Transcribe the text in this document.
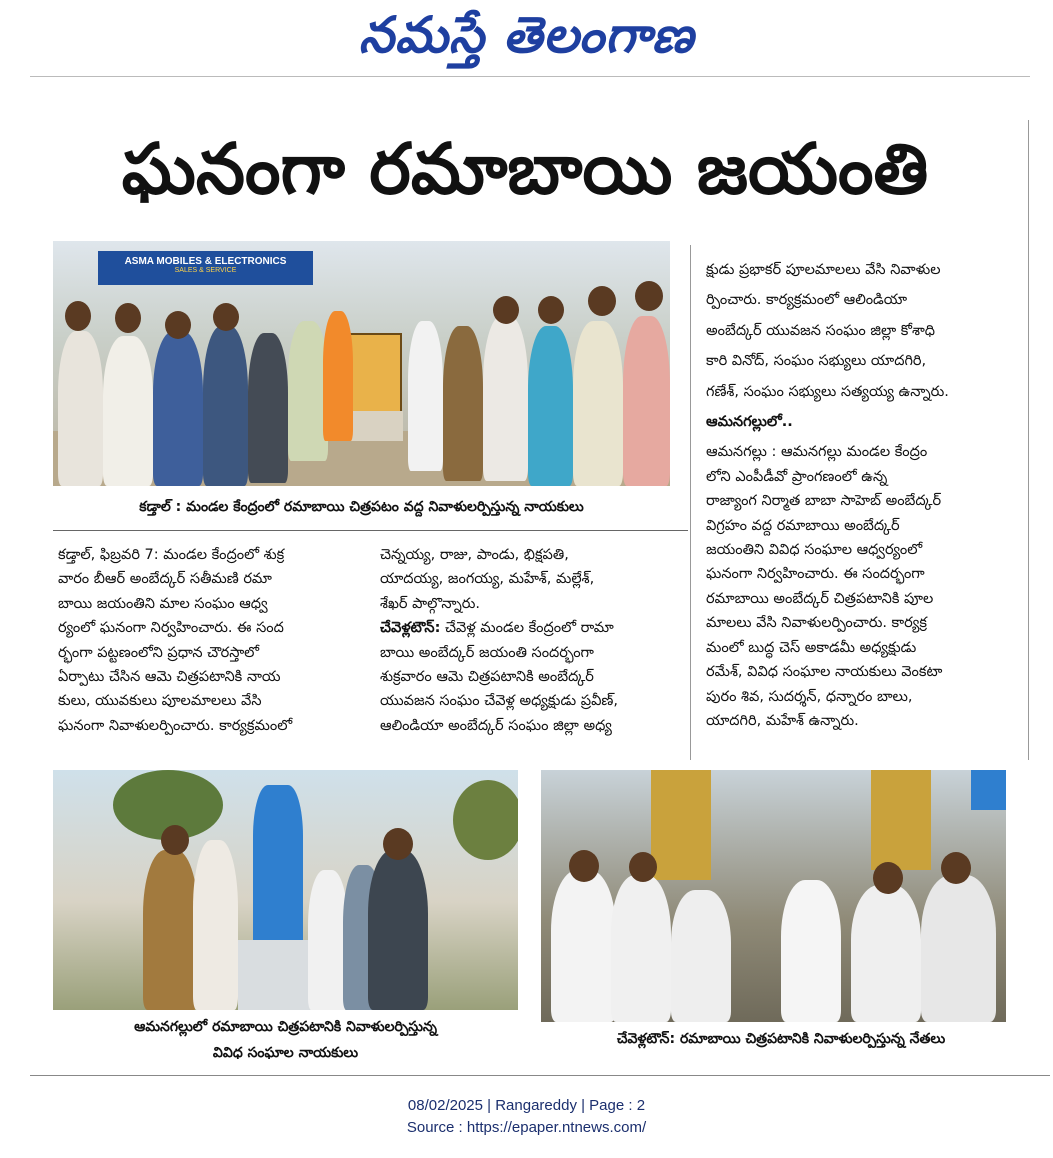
నమస్తే తెలంగాణ
ఘనంగా రమాబాయి జయంతి
ASMA MOBILES & ELECTRONICS
SALES & SERVICE
కడ్తాల్ : మండల కేంద్రంలో రమాబాయి చిత్రపటం వద్ద నివాళులర్పిస్తున్న నాయకులు

క్షుడు ప్రభాకర్ పూలమాలలు వేసి నివాళుల

ర్పించారు. కార్యక్రమంలో ఆలిండియా

అంబేద్కర్ యువజన సంఘం జిల్లా కోశాధి

కారి వినోద్, సంఘం సభ్యులు యాదగిరి,

గణేశ్, సంఘం సభ్యులు సత్యయ్య ఉన్నారు.

ఆమనగల్లులో..

ఆమనగల్లు : ఆమనగల్లు మండల కేంద్రం

లోని ఎంపీడీవో ప్రాంగణంలో ఉన్న

రాజ్యాంగ నిర్మాత బాబా సాహెబ్ అంబేద్కర్

విగ్రహం వద్ద రమాబాయి అంబేద్కర్

జయంతిని వివిధ సంఘాల ఆధ్వర్యంలో

ఘనంగా నిర్వహించారు. ఈ సందర్భంగా

రమాబాయి అంబేద్కర్ చిత్రపటానికి పూల

మాలలు వేసి నివాళులర్పించారు. కార్యక్ర

మంలో బుద్ధ చెస్ అకాడమీ అధ్యక్షుడు

రమేశ్, వివిధ సంఘాల నాయకులు వెంకటా

పురం శివ, సుదర్శన్, ధన్నారం బాలు,

యాదగిరి, మహేశ్ ఉన్నారు.

కడ్తాల్, ఫిబ్రవరి 7: మండల కేంద్రంలో శుక్ర

వారం బీఆర్ అంబేద్కర్ సతీమణి రమా

బాయి జయంతిని మాల సంఘం ఆధ్వ

ర్యంలో ఘనంగా నిర్వహించారు. ఈ సంద

ర్భంగా పట్టణంలోని ప్రధాన చౌరస్తాలో

ఏర్పాటు చేసిన ఆమె చిత్రపటానికి నాయ

కులు, యువకులు పూలమాలలు వేసి

ఘనంగా నివాళులర్పించారు. కార్యక్రమంలో

చెన్నయ్య, రాజు, పాండు, భిక్షపతి,

యాదయ్య, జంగయ్య, మహేశ్, మల్లేశ్,

శేఖర్ పాల్గొన్నారు.

చేవెళ్లటౌన్: చేవెళ్ల మండల కేంద్రంలో రామా

బాయి అంబేద్కర్ జయంతి సందర్భంగా

శుక్రవారం ఆమె చిత్రపటానికి అంబేద్కర్

యువజన సంఘం చేవెళ్ల అధ్యక్షుడు ప్రవీణ్,

ఆలిండియా అంబేద్కర్ సంఘం జిల్లా అధ్య

ఆమనగల్లులో రమాబాయి చిత్రపటానికి నివాళులర్పిస్తున్న
వివిధ సంఘాల నాయకులు
చేవెళ్లటౌన్: రమాబాయి చిత్రపటానికి నివాళులర్పిస్తున్న నేతలు
08/02/2025 | Rangareddy | Page : 2
Source : https://epaper.ntnews.com/
